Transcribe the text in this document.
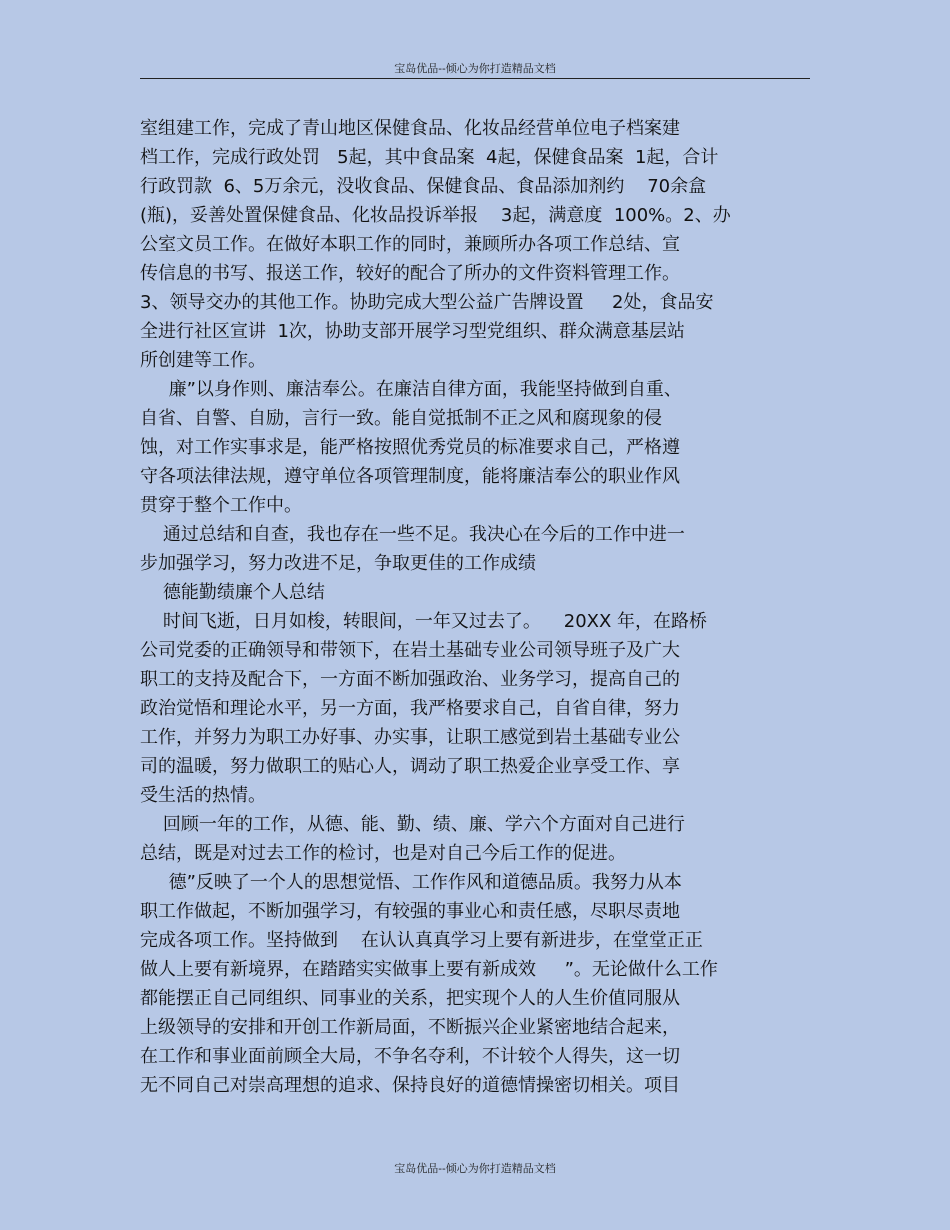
宝岛优品--倾心为你打造精品文档
室组建工作，完成了青山地区保健食品、化妆品经营单位电子档案建
档工作，完成行政处罚   5起，其中食品案  4起，保健食品案  1起，合计
行政罚款  6、5万余元，没收食品、保健食品、食品添加剂约    70余盒
(瓶)，妥善处置保健食品、化妆品投诉举报    3起，满意度  100%。2、办
公室文员工作。在做好本职工作的同时，兼顾所办各项工作总结、宣
传信息的书写、报送工作，较好的配合了所办的文件资料管理工作。
3、领导交办的其他工作。协助完成大型公益广告牌设置     2处，食品安
全进行社区宣讲  1次，协助支部开展学习型党组织、群众满意基层站
所创建等工作。
廉”以身作则、廉洁奉公。在廉洁自律方面，我能坚持做到自重、
自省、自警、自励，言行一致。能自觉抵制不正之风和腐现象的侵
蚀，对工作实事求是，能严格按照优秀党员的标准要求自己，严格遵
守各项法律法规，遵守单位各项管理制度，能将廉洁奉公的职业作风
贯穿于整个工作中。
通过总结和自查，我也存在一些不足。我决心在今后的工作中进一
步加强学习，努力改进不足，争取更佳的工作成绩
德能勤绩廉个人总结
时间飞逝，日月如梭，转眼间，一年又过去了。    20XX 年，在路桥
公司党委的正确领导和带领下，在岩土基础专业公司领导班子及广大
职工的支持及配合下，一方面不断加强政治、业务学习，提高自己的
政治觉悟和理论水平，另一方面，我严格要求自己，自省自律，努力
工作，并努力为职工办好事、办实事，让职工感觉到岩土基础专业公
司的温暖，努力做职工的贴心人，调动了职工热爱企业享受工作、享
受生活的热情。
回顾一年的工作，从德、能、勤、绩、廉、学六个方面对自己进行
总结，既是对过去工作的检讨，也是对自己今后工作的促进。
德”反映了一个人的思想觉悟、工作作风和道德品质。我努力从本
职工作做起，不断加强学习，有较强的事业心和责任感，尽职尽责地
完成各项工作。坚持做到    在认认真真学习上要有新进步，在堂堂正正
做人上要有新境界，在踏踏实实做事上要有新成效     ”。无论做什么工作
都能摆正自己同组织、同事业的关系，把实现个人的人生价值同服从
上级领导的安排和开创工作新局面，不断振兴企业紧密地结合起来，
在工作和事业面前顾全大局，不争名夺利，不计较个人得失，这一切
无不同自己对崇高理想的追求、保持良好的道德情操密切相关。项目
宝岛优品--倾心为你打造精品文档
